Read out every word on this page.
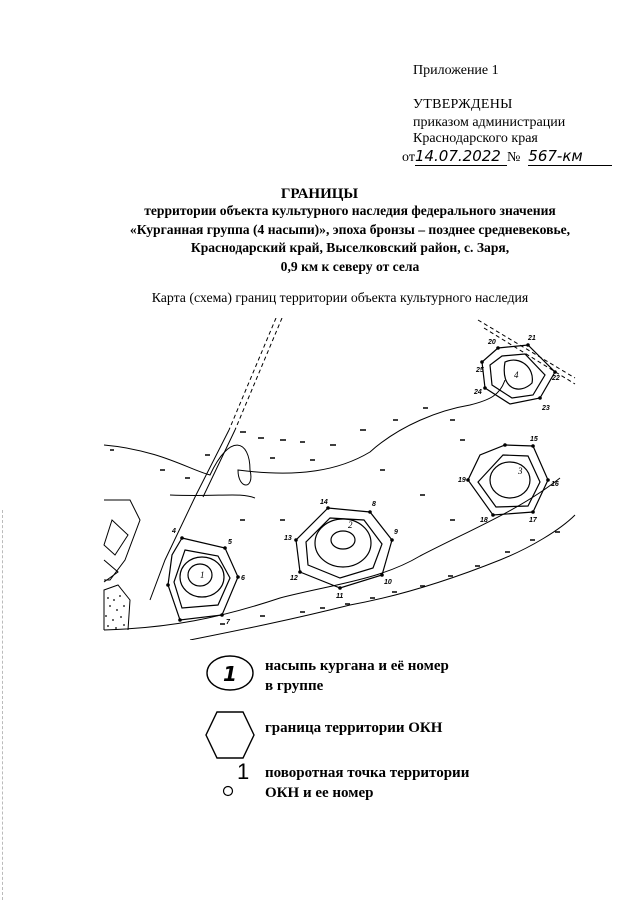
Приложение 1
УТВЕРЖДЕНЫ
приказом администрации
Краснодарского края
от14.07.2022 № 567-км
ГРАНИЦЫ
территории объекта культурного наследия федерального значения
«Курганная группа (4 насыпи)», эпоха бронзы – позднее средневековье,
Краснодарский край, Выселковский район, с. Заря,
0,9 км к северу от села
Карта (схема) границ территории объекта культурного наследия
1
2
3
4
4
5
6
7
8
9
10
11
12
13
14
15
16
17
18
19
20
21
22
23
24
25
1
1
насыпь кургана и её номер
в группе
граница территории ОКН
поворотная точка территории
ОКН и ее номер
